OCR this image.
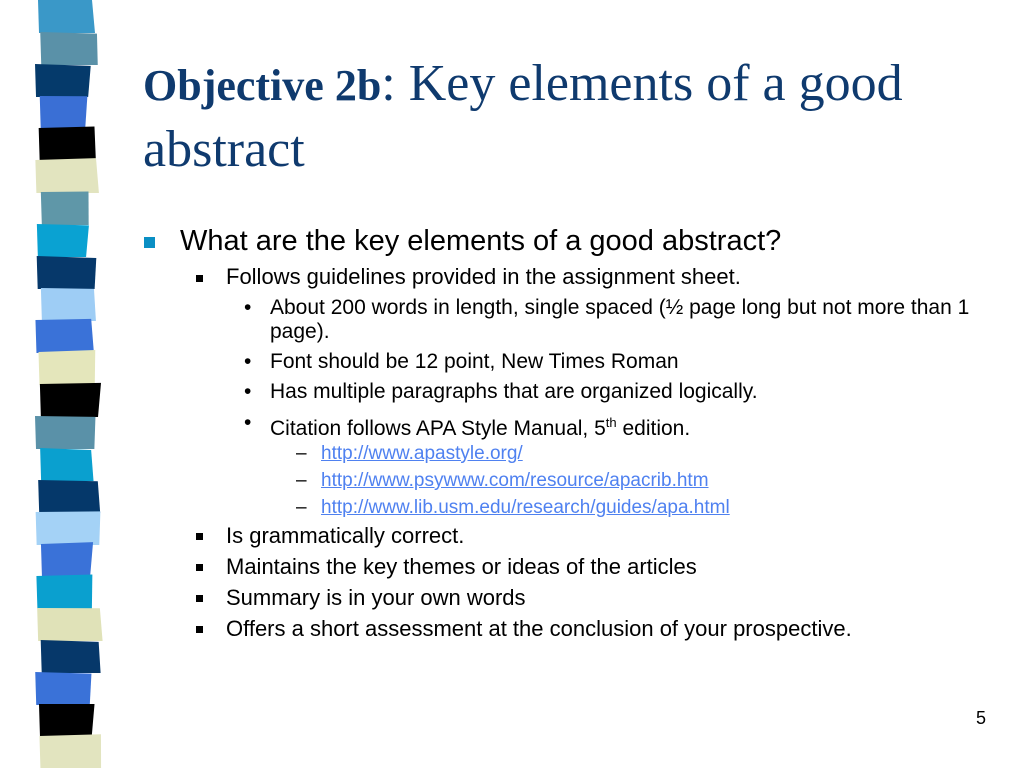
Objective 2b: Key elements of a good abstract
What are the key elements of a good abstract?
Follows guidelines provided in the assignment sheet.
• About 200 words in length, single spaced (½ page long but not more than 1 page).
• Font should be 12 point, New Times Roman
• Has multiple paragraphs that are organized logically.
• Citation follows APA Style Manual, 5th edition.
– http://www.apastyle.org/
– http://www.psywww.com/resource/apacrib.htm
– http://www.lib.usm.edu/research/guides/apa.html
Is grammatically correct.
Maintains the key themes or ideas of the articles
Summary is in your own words
Offers a short assessment at the conclusion of your prospective.
5
